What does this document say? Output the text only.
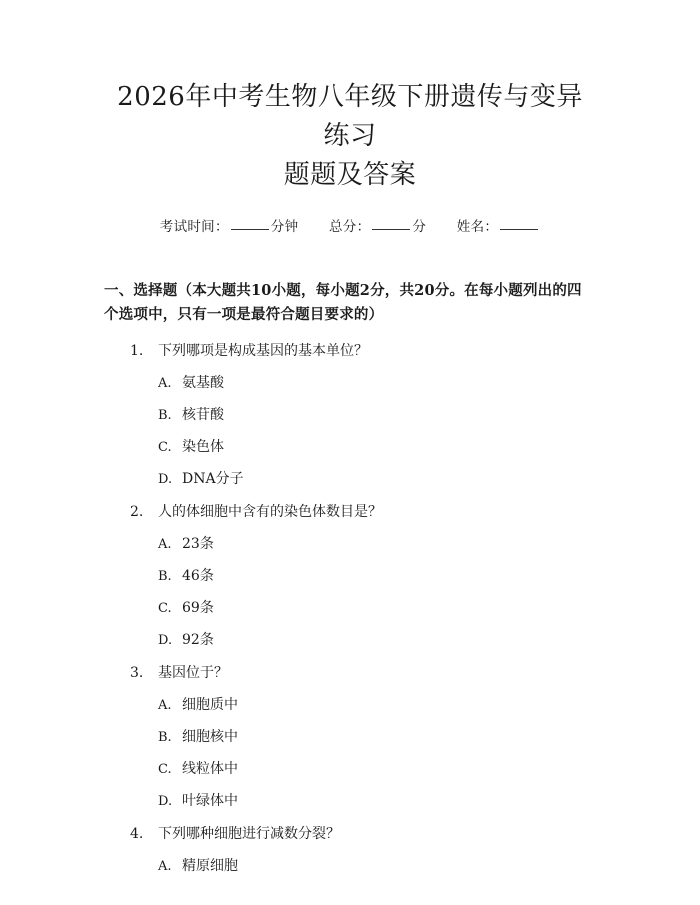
2026年中考生物八年级下册遗传与变异练习
题题及答案
考试时间：	分钟 总分：	分 姓名：
一、选择题（本大题共10小题，每小题2分，共20分。在每小题列出的四个选项中，只有一项是最符合题目要求的）
1. 下列哪项是构成基因的基本单位？
A. 氨基酸
B. 核苷酸
C. 染色体
D. DNA分子
2. 人的体细胞中含有的染色体数目是？
A. 23条
B. 46条
C. 69条
D. 92条
3. 基因位于？
A. 细胞质中
B. 细胞核中
C. 线粒体中
D. 叶绿体中
4. 下列哪种细胞进行减数分裂？
A. 精原细胞
